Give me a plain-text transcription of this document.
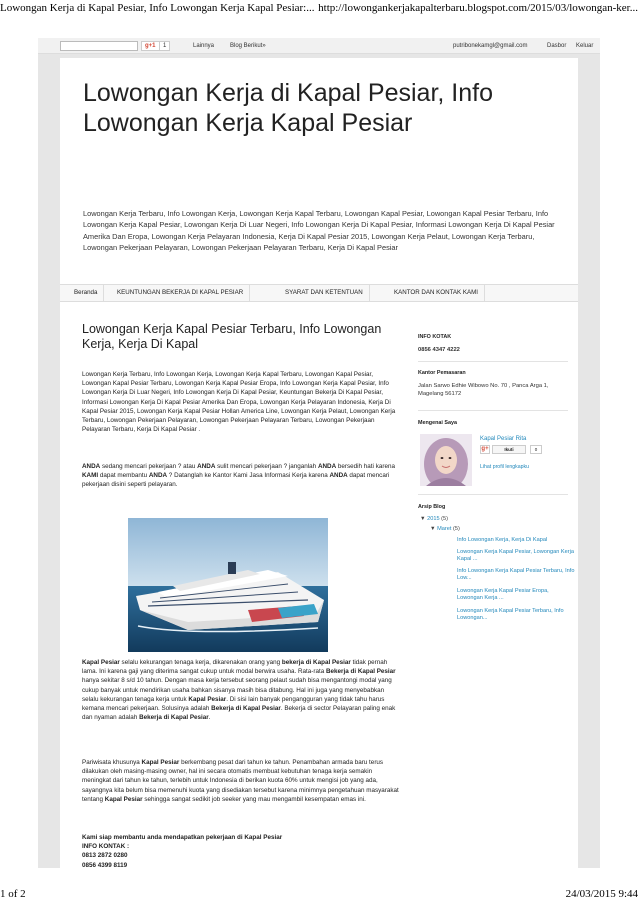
Lowongan Kerja di Kapal Pesiar, Info Lowongan Kerja Kapal Pesiar:... http://lowongankerjakapalterbaru.blogspot.com/2015/03/lowongan-ker...
g+1	1	Lainnya	Blog Berikut»	putribonekamgl@gmail.com	Dasbor Keluar
Lowongan Kerja di Kapal Pesiar, Info Lowongan Kerja Kapal Pesiar
Lowongan Kerja Terbaru, Info Lowongan Kerja, Lowongan Kerja Kapal Terbaru, Lowongan Kapal Pesiar, Lowongan Kapal Pesiar Terbaru, Info Lowongan Kerja Kapal Pesiar, Lowongan Kerja Di Luar Negeri, Info Lowongan Kerja Di Kapal Pesiar, Informasi Lowongan Kerja Di Kapal Pesiar Amerika Dan Eropa, Lowongan Kerja Pelayaran Indonesia, Kerja Di Kapal Pesiar 2015, Lowongan Kerja Pelaut, Lowongan Kerja Terbaru, Lowongan Pekerjaan Pelayaran, Lowongan Pekerjaan Pelayaran Terbaru, Kerja Di Kapal Pesiar
Beranda	KEUNTUNGAN BEKERJA DI KAPAL PESIAR	SYARAT DAN KETENTUAN	KANTOR DAN KONTAK KAMI
Lowongan Kerja Kapal Pesiar Terbaru, Info Lowongan Kerja, Kerja Di Kapal
Lowongan Kerja Terbaru, Info Lowongan Kerja, Lowongan Kerja Kapal Terbaru, Lowongan Kapal Pesiar, Lowongan Kapal Pesiar Terbaru, Lowongan Kerja Kapal Pesiar Eropa, Info Lowongan Kerja Kapal Pesiar, Info Lowongan Kerja Di Luar Negeri, Info Lowongan Kerja Di Kapal Pesiar, Keuntungan Bekerja Di Kapal Pesiar, Informasi Lowongan Kerja Di Kapal Pesiar Amerika Dan Eropa, Lowongan Kerja Pelayaran Indonesia, Kerja Di Kapal Pesiar 2015, Lowongan Kerja Kapal Pesiar Hollan America Line, Lowongan Kerja Pelaut, Lowongan Kerja Terbaru, Lowongan Pekerjaan Pelayaran, Lowongan Pekerjaan Pelayaran Terbaru, Lowongan Pekerjaan Pelayaran Terbaru, Kerja Di Kapal Pesiar .
ANDA sedang mencari pekerjaan ? atau ANDA sulit mencari pekerjaan ? janganlah ANDA bersedih hati karena KAMI dapat membantu ANDA ? Datanglah ke Kantor Kami Jasa Informasi Kerja karena ANDA dapat mencari pekerjaan disini seperti pelayaran.
Kapal Pesiar selalu kekurangan tenaga kerja, dikarenakan orang yang bekerja di Kapal Pesiar tidak pernah lama. Ini karena gaji yang diterima sangat cukup untuk modal berwira usaha. Rata-rata Bekerja di Kapal Pesiar hanya sekitar 8 s/d 10 tahun. Dengan masa kerja tersebut seorang pelaut sudah bisa mengantongi modal yang cukup banyak untuk mendirikan usaha bahkan sisanya masih bisa ditabung. Hal ini juga yang menyebabkan selalu kekurangan tenaga kerja untuk Kapal Pesiar. Di sisi lain banyak pengangguran yang tidak tahu harus kemana mencari pekerjaan. Solusinya adalah Bekerja di Kapal Pesiar. Bekerja di sector Pelayaran paling enak dan nyaman adalah Bekerja di Kapal Pesiar.
Pariwisata khusunya Kapal Pesiar berkembang pesat dari tahun ke tahun. Penambahan armada baru terus dilakukan oleh masing-masing owner, hal ini secara otomatis membuat kebutuhan tenaga kerja semakin meningkat dari tahun ke tahun, terlebih untuk Indonesia di berikan kuota 60% untuk mengisi job yang ada, sayangnya kita belum bisa memenuhi kuota yang disediakan tersebut karena minimnya pengetahuan masyarakat tentang Kapal Pesiar sehingga sangat sedikit job seeker yang mau mengambil kesempatan emas ini.
Kami siap membantu anda mendapatkan pekerjaan di Kapal Pesiar
INFO KONTAK :
0813 2872 0280
0856 4399 8119
INFO KOTAK
0856 4347 4222
Kantor Pemasaran
Jalan Sarwo Edhie Wibowo No. 70 , Panca Arga 1, Magelang 56172
Mengenai Saya
Kapal Pesiar Rita
g+	Ikuti	0
Lihat profil lengkapku
Arsip Blog
▼ 2015 (5)
▼ Maret (5)
Info Lowongan Kerja, Kerja Di Kapal
Lowongan Kerja Kapal Pesiar, Lowongan Kerja Kapal ...
Info Lowongan Kerja Kapal Pesiar Terbaru, Info Low...
Lowongan Kerja Kapal Pesiar Eropa, Lowongan Kerja ...
Lowongan Kerja Kapal Pesiar Terbaru, Info Lowongan...
1 of 2	24/03/2015 9:44
